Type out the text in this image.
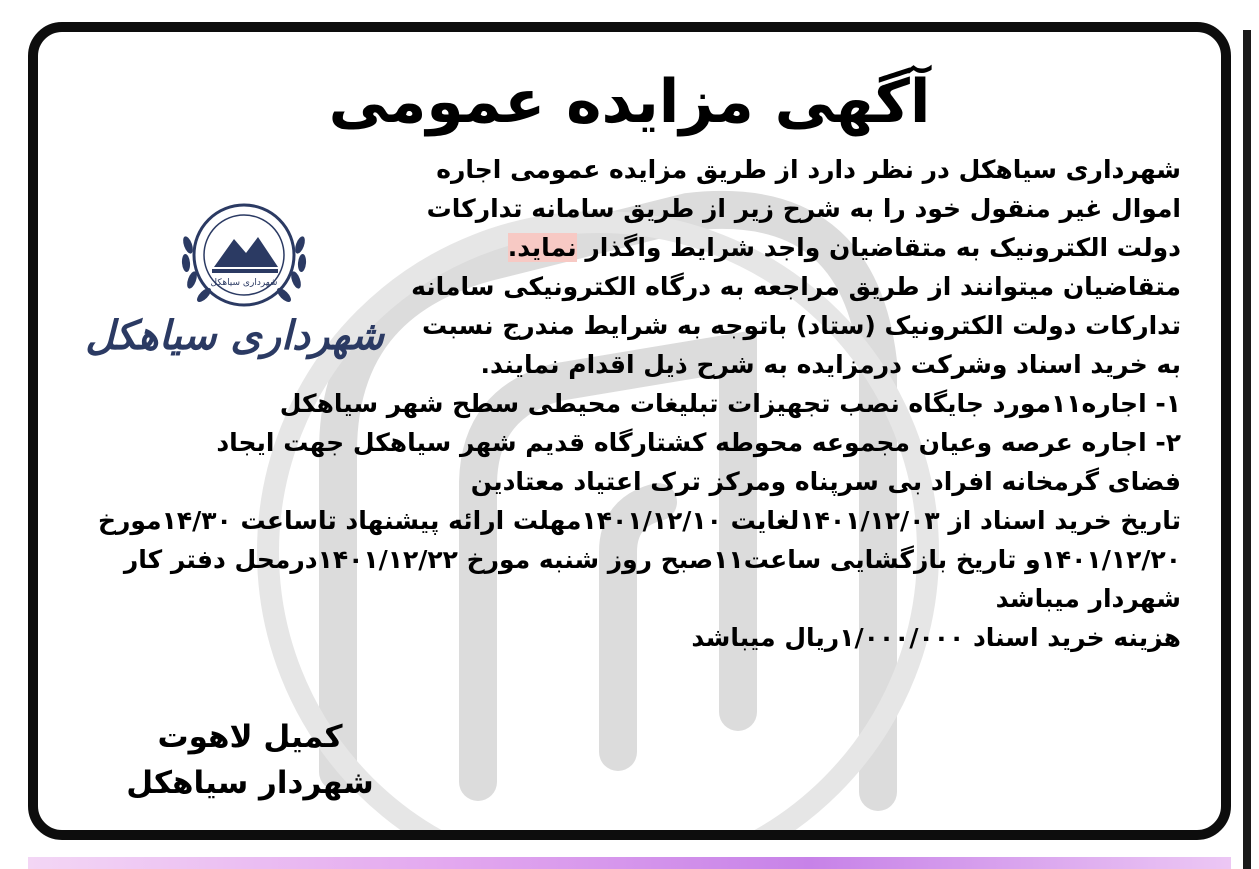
آگهی مزایده عمومی
شهرداری سیاهکل
شهرداری سیاهکل

شهرداری سیاهکل در نظر دارد از طریق مزایده عمومی اجاره

اموال غیر منقول خود را به شرح زیر از طریق سامانه تدارکات

دولت الکترونیک به متقاضیان واجد شرایط واگذار نماید.

متقاضیان میتوانند از طریق مراجعه به درگاه الکترونیکی سامانه

تدارکات دولت الکترونیک (ستاد) باتوجه به شرایط مندرج نسبت

به خرید اسناد وشرکت درمزایده به شرح ذیل اقدام نمایند.

۱- اجاره۱۱مورد جایگاه نصب تجهیزات تبلیغات محیطی سطح شهر سیاهکل

۲- اجاره عرصه وعیان مجموعه محوطه کشتارگاه قدیم شهر سیاهکل جهت ایجاد

فضای گرمخانه افراد بی سرپناه ومرکز ترک اعتیاد معتادین

تاریخ خرید اسناد از ۱۴۰۱/۱۲/۰۳لغایت ۱۴۰۱/۱۲/۱۰مهلت ارائه پیشنهاد تاساعت ۱۴/۳۰مورخ

۱۴۰۱/۱۲/۲۰و تاریخ بازگشایی ساعت۱۱صبح روز شنبه مورخ ۱۴۰۱/۱۲/۲۲درمحل دفتر کار

شهردار میباشد

هزینه خرید اسناد ۱/۰۰۰/۰۰۰ریال میباشد

کمیل لاهوت
شهردار سیاهکل
